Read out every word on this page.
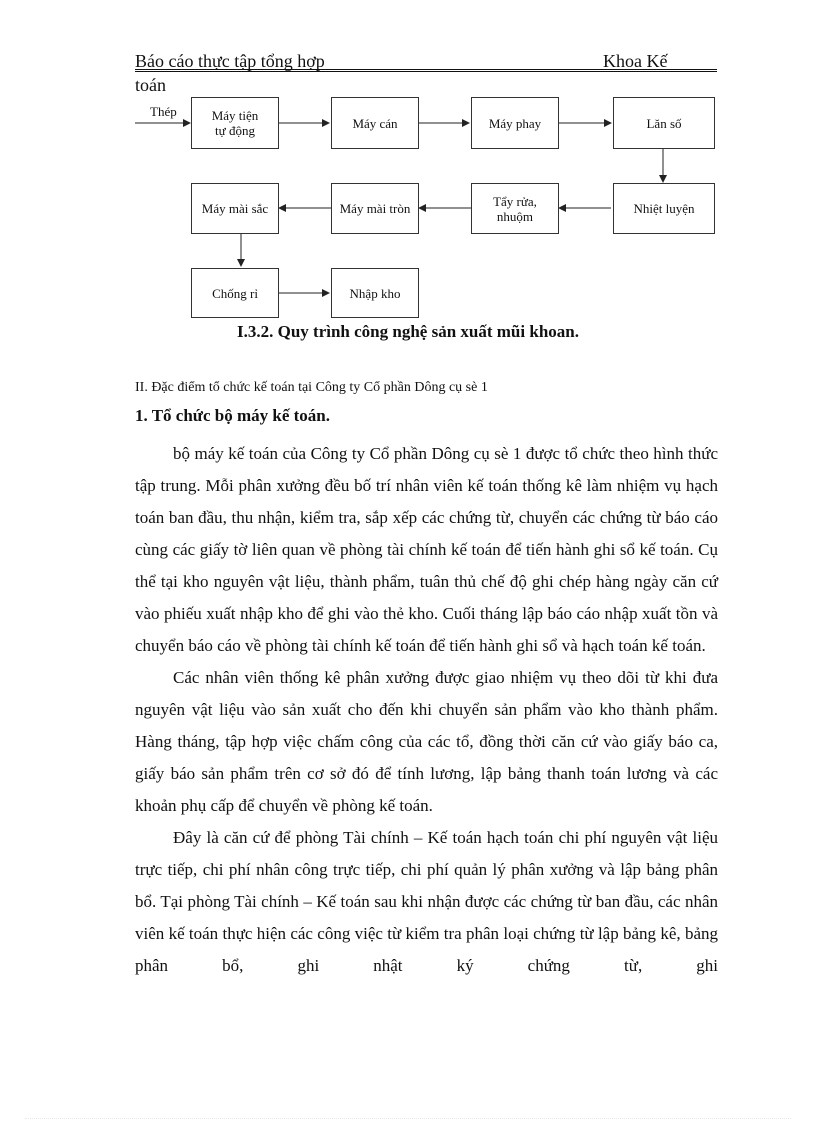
Báo cáo thực tập tổng hợp	Khoa Kế
toán
Thép	Máy tiện
tự động	Máy cán	Máy phay	Lăn số
Nhiệt luyện
Tẩy rửa,
nhuộm
Máy mài tròn
Máy mài sắc
Chống rỉ	Nhập kho
I.3.2. Quy trình công nghệ sản xuất mũi khoan.
II. Đặc điểm tổ chức kế toán tại Công ty Cổ phần Dông cụ sè 1
1. Tổ chức bộ máy kế toán.

bộ máy kế toán của Công ty Cổ phần Dông cụ sè 1 được tổ chức theo hình thức tập trung. Mỗi phân xưởng đều bố trí nhân viên kế toán thống kê làm nhiệm vụ hạch toán ban đầu, thu nhận, kiểm tra, sắp xếp các chứng từ, chuyển các chứng từ báo cáo cùng các giấy tờ liên quan về phòng tài chính kế toán để tiến hành ghi sổ kế toán. Cụ thể tại kho nguyên vật liệu, thành phẩm, tuân thủ chế độ ghi chép hàng ngày căn cứ vào phiếu xuất nhập kho để ghi vào thẻ kho. Cuối tháng lập báo cáo nhập xuất tồn và chuyển báo cáo về phòng tài chính kế toán để tiến hành ghi sổ và hạch toán kế toán.

Các nhân viên thống kê phân xưởng được giao nhiệm vụ theo dõi từ khi đưa nguyên vật liệu vào sản xuất cho đến khi chuyển sản phẩm vào kho thành phẩm. Hàng tháng, tập hợp việc chấm công của các tổ, đồng thời căn cứ vào giấy báo ca, giấy báo sản phẩm trên cơ sở đó để tính lương, lập bảng thanh toán lương và các khoản phụ cấp để chuyển về phòng kế toán.

Đây là căn cứ để phòng Tài chính – Kế toán hạch toán chi phí nguyên vật liệu trực tiếp, chi phí nhân công trực tiếp, chi phí quản lý phân xưởng và lập bảng phân bổ. Tại phòng Tài chính – Kế toán sau khi nhận được các chứng từ ban đầu, các nhân viên kế toán thực hiện các công việc từ kiểm tra phân loại chứng từ lập bảng kê, bảng phân bổ, ghi nhật ký chứng từ, ghi
